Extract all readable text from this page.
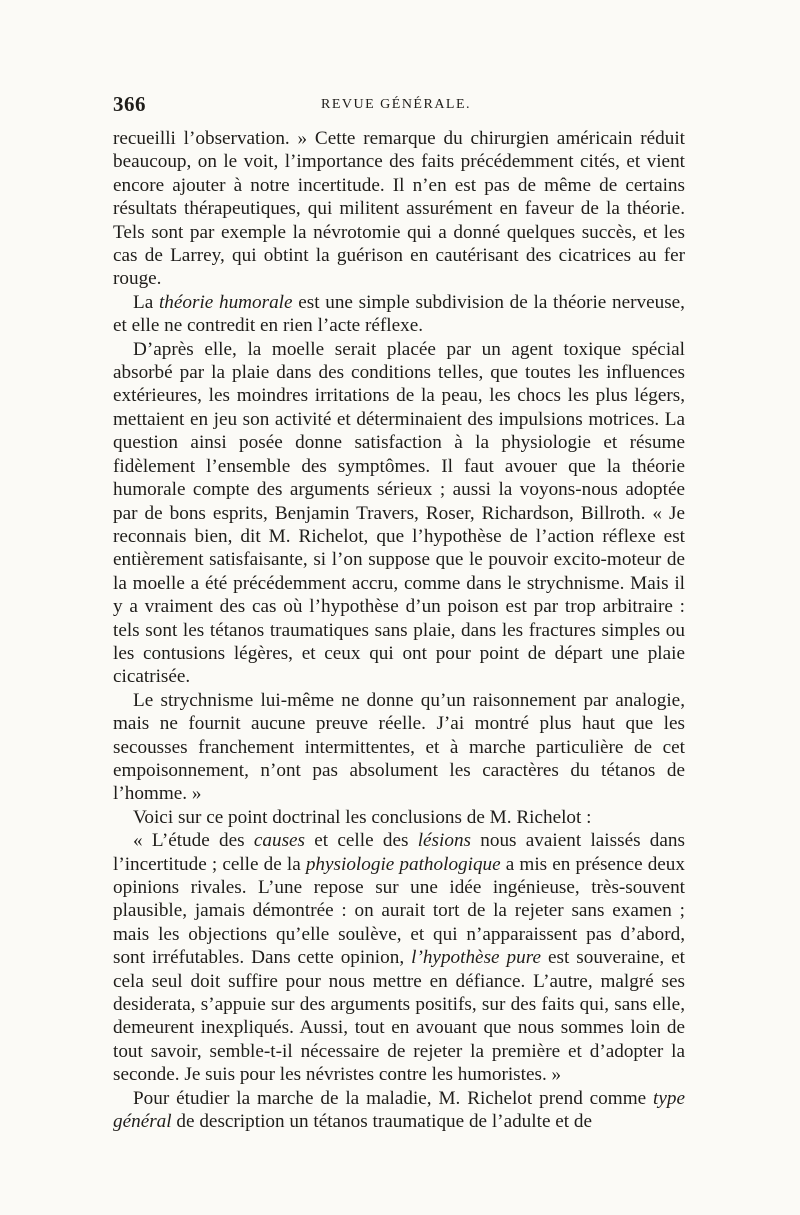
366	REVUE GÉNÉRALE.

recueilli l’observation. » Cette remarque du chirurgien américain réduit beaucoup, on le voit, l’importance des faits précédemment cités, et vient encore ajouter à notre incertitude. Il n’en est pas de même de certains résultats thérapeutiques, qui militent assurément en faveur de la théorie. Tels sont par exemple la névrotomie qui a donné quelques succès, et les cas de Larrey, qui obtint la guérison en cautérisant des cicatrices au fer rouge.

La théorie humorale est une simple subdivision de la théorie nerveuse, et elle ne contredit en rien l’acte réflexe.

D’après elle, la moelle serait placée par un agent toxique spécial absorbé par la plaie dans des conditions telles, que toutes les influences extérieures, les moindres irritations de la peau, les chocs les plus légers, mettaient en jeu son activité et déterminaient des impulsions motrices. La question ainsi posée donne satisfaction à la physiologie et résume fidèlement l’ensemble des symptômes. Il faut avouer que la théorie humorale compte des arguments sérieux ; aussi la voyons-nous adoptée par de bons esprits, Benjamin Travers, Roser, Richardson, Billroth. « Je reconnais bien, dit M. Richelot, que l’hypothèse de l’action réflexe est entièrement satisfaisante, si l’on suppose que le pouvoir excito-moteur de la moelle a été précédemment accru, comme dans le strychnisme. Mais il y a vraiment des cas où l’hypothèse d’un poison est par trop arbitraire : tels sont les tétanos traumatiques sans plaie, dans les fractures simples ou les contusions légères, et ceux qui ont pour point de départ une plaie cicatrisée.

Le strychnisme lui-même ne donne qu’un raisonnement par analogie, mais ne fournit aucune preuve réelle. J’ai montré plus haut que les secousses franchement intermittentes, et à marche particulière de cet empoisonnement, n’ont pas absolument les caractères du tétanos de l’homme. »

Voici sur ce point doctrinal les conclusions de M. Richelot :

« L’étude des causes et celle des lésions nous avaient laissés dans l’incertitude ; celle de la physiologie pathologique a mis en présence deux opinions rivales. L’une repose sur une idée ingénieuse, très-souvent plausible, jamais démontrée : on aurait tort de la rejeter sans examen ; mais les objections qu’elle soulève, et qui n’apparaissent pas d’abord, sont irréfutables. Dans cette opinion, l’hypothèse pure est souveraine, et cela seul doit suffire pour nous mettre en défiance. L’autre, malgré ses desiderata, s’appuie sur des arguments positifs, sur des faits qui, sans elle, demeurent inexpliqués. Aussi, tout en avouant que nous sommes loin de tout savoir, semble-t-il nécessaire de rejeter la première et d’adopter la seconde. Je suis pour les névristes contre les humoristes. »

Pour étudier la marche de la maladie, M. Richelot prend comme type général de description un tétanos traumatique de l’adulte et de
